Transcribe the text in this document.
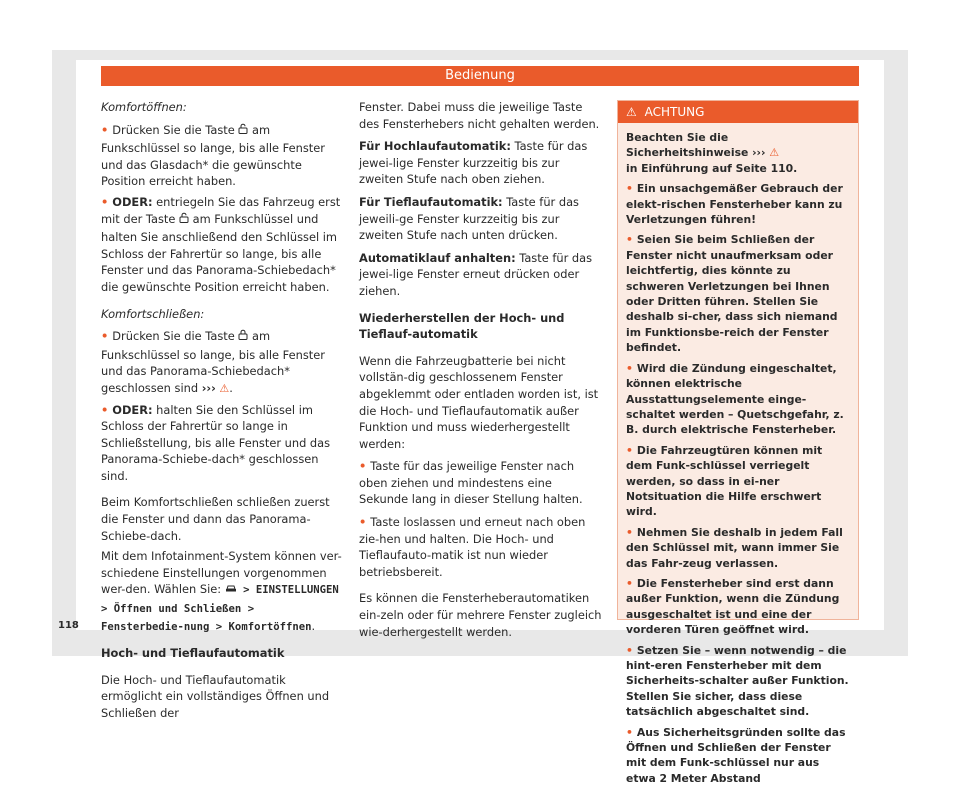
Bedienung

Komfortöffnen:

• Drücken Sie die Taste  am Funkschlüssel so lange, bis alle Fenster und das Glasdach* die gewünschte Position erreicht haben.

• ODER: entriegeln Sie das Fahrzeug erst mit der Taste  am Funkschlüssel und halten Sie anschließend den Schlüssel im Schloss der Fahrertür so lange, bis alle Fenster und das Panorama-Schiebedach* die gewünschte Position erreicht haben.

Komfortschließen:

• Drücken Sie die Taste  am Funkschlüssel so lange, bis alle Fenster und das Panorama-Schiebedach* geschlossen sind ››› ⚠.

• ODER: halten Sie den Schlüssel im Schloss der Fahrertür so lange in Schließstellung, bis alle Fenster und das Panorama-Schiebe-dach* geschlossen sind.

Beim Komfortschließen schließen zuerst die Fenster und dann das Panorama-Schiebe-dach.

Mit dem Infotainment-System können ver-schiedene Einstellungen vorgenommen wer-den. Wählen Sie:  > EINSTELLUNGEN > Öffnen und Schließen > Fensterbedie-nung > Komfortöffnen.

Hoch- und Tieflaufautomatik

Die Hoch- und Tieflaufautomatik ermöglicht ein vollständiges Öffnen und Schließen der

Fenster. Dabei muss die jeweilige Taste des Fensterhebers nicht gehalten werden.

Für Hochlaufautomatik: Taste für das jewei-lige Fenster kurzzeitig bis zur zweiten Stufe nach oben ziehen.

Für Tieflaufautomatik: Taste für das jeweili-ge Fenster kurzzeitig bis zur zweiten Stufe nach unten drücken.

Automatiklauf anhalten: Taste für das jewei-lige Fenster erneut drücken oder ziehen.

Wiederherstellen der Hoch- und Tieflauf-automatik

Wenn die Fahrzeugbatterie bei nicht vollstän-dig geschlossenem Fenster abgeklemmt oder entladen worden ist, ist die Hoch- und Tieflaufautomatik außer Funktion und muss wiederhergestellt werden:

• Taste für das jeweilige Fenster nach oben ziehen und mindestens eine Sekunde lang in dieser Stellung halten.

• Taste loslassen und erneut nach oben zie-hen und halten. Die Hoch- und Tieflaufauto-matik ist nun wieder betriebsbereit.

Es können die Fensterheberautomatiken ein-zeln oder für mehrere Fenster zugleich wie-derhergestellt werden.

⚠ ACHTUNG

Beachten Sie die Sicherheitshinweise ››› ⚠
in Einführung auf Seite 110.

• Ein unsachgemäßer Gebrauch der elekt-rischen Fensterheber kann zu Verletzungen führen!

• Seien Sie beim Schließen der Fenster nicht unaufmerksam oder leichtfertig, dies könnte zu schweren Verletzungen bei Ihnen oder Dritten führen. Stellen Sie deshalb si-cher, dass sich niemand im Funktionsbe-reich der Fenster befindet.

• Wird die Zündung eingeschaltet, können elektrische Ausstattungselemente einge-schaltet werden – Quetschgefahr, z. B. durch elektrische Fensterheber.

• Die Fahrzeugtüren können mit dem Funk-schlüssel verriegelt werden, so dass in ei-ner Notsituation die Hilfe erschwert wird.

• Nehmen Sie deshalb in jedem Fall den Schlüssel mit, wann immer Sie das Fahr-zeug verlassen.

• Die Fensterheber sind erst dann außer Funktion, wenn die Zündung ausgeschaltet ist und eine der vorderen Türen geöffnet wird.

• Setzen Sie – wenn notwendig – die hint-eren Fensterheber mit dem Sicherheits-schalter außer Funktion. Stellen Sie sicher, dass diese tatsächlich abgeschaltet sind.

• Aus Sicherheitsgründen sollte das Öffnen und Schließen der Fenster mit dem Funk-schlüssel nur aus etwa 2 Meter Abstand

118
